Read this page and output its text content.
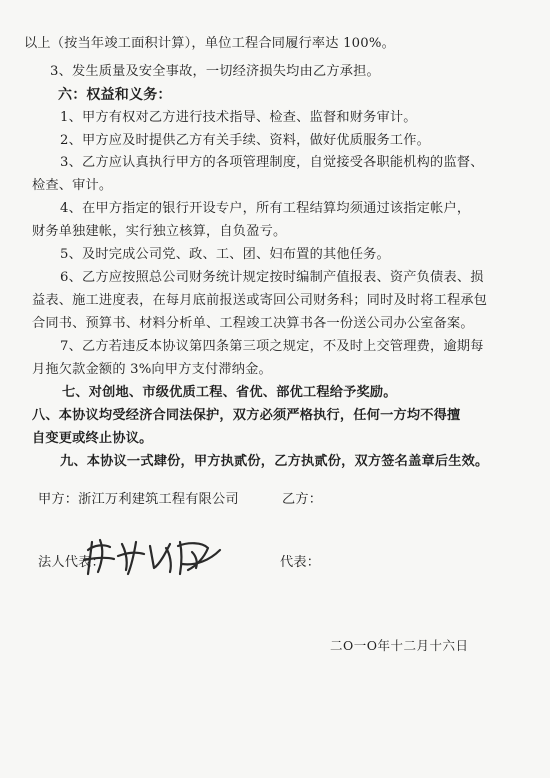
以上（按当年竣工面积计算），单位工程合同履行率达 100%。
3、发生质量及安全事故，一切经济损失均由乙方承担。
六：权益和义务：
1、甲方有权对乙方进行技术指导、检查、监督和财务审计。
2、甲方应及时提供乙方有关手续、资料，做好优质服务工作。
3、乙方应认真执行甲方的各项管理制度，自觉接受各职能机构的监督、
检查、审计。
4、在甲方指定的银行开设专户，所有工程结算均须通过该指定帐户，
财务单独建帐，实行独立核算，自负盈亏。
5、及时完成公司党、政、工、团、妇布置的其他任务。
6、乙方应按照总公司财务统计规定按时编制产值报表、资产负债表、损
益表、施工进度表，在每月底前报送或寄回公司财务科；同时及时将工程承包
合同书、预算书、材料分析单、工程竣工决算书各一份送公司办公室备案。
7、乙方若违反本协议第四条第三项之规定，不及时上交管理费，逾期每
月拖欠款金额的 3%向甲方支付滞纳金。
七、对创地、市级优质工程、省优、部优工程给予奖励。
八、本协议均受经济合同法保护，双方必须严格执行，任何一方均不得擅
自变更或终止协议。
九、本协议一式肆份，甲方执贰份，乙方执贰份，双方签名盖章后生效。
甲方：浙江万利建筑工程有限公司	乙方：
法人代表：	代表：
二O一O年十二月十六日
